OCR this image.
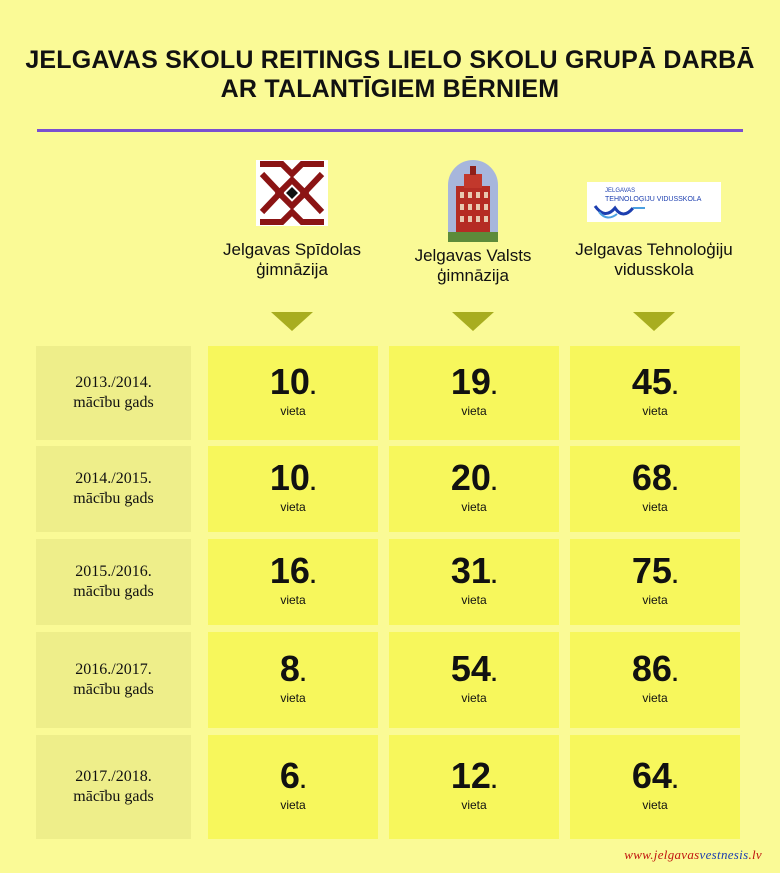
JELGAVAS SKOLU REITINGS LIELO SKOLU GRUPĀ DARBĀ
AR TALANTĪGIEM BĒRNIEM
Jelgavas Spīdolas
ģimnāzija
Jelgavas Valsts
ģimnāzija
JELGAVAS
TEHNOLOĢIJU VIDUSSKOLA
Jelgavas Tehnoloģiju
vidusskola
2013./2014.
mācību gads
10.
vieta
19.
vieta
45.
vieta
2014./2015.
mācību gads
10.
vieta
20.
vieta
68.
vieta
2015./2016.
mācību gads
16.
vieta
31.
vieta
75.
vieta
2016./2017.
mācību gads
8.
vieta
54.
vieta
86.
vieta
2017./2018.
mācību gads
6.
vieta
12.
vieta
64.
vieta
www.jelgavasvestnesis.lv
